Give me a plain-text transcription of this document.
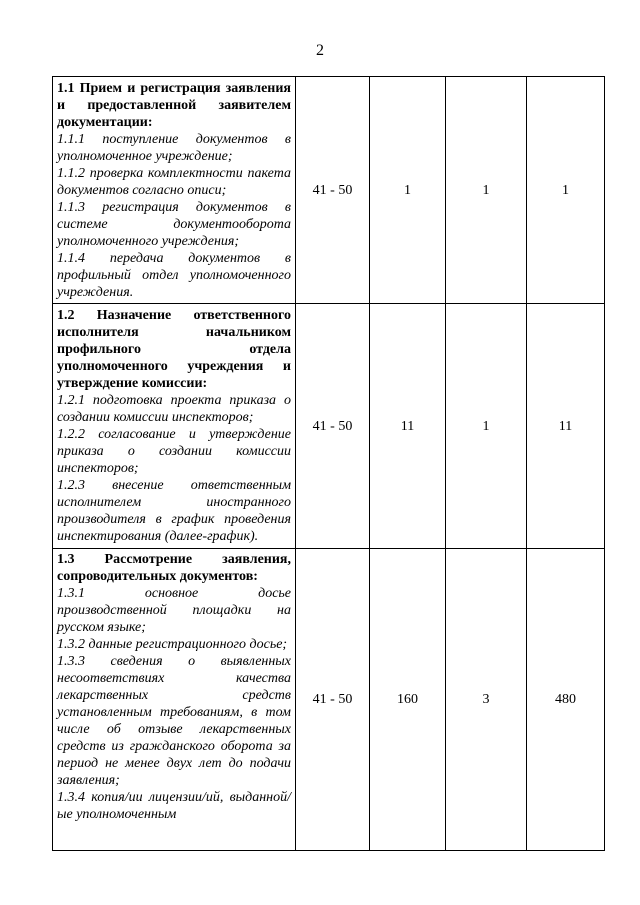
2
1.1 Прием и регистрация заявления и предоставленной заявителем документации:
1.1.1 поступление документов в уполномоченное учреждение;
1.1.2 проверка комплектности пакета документов согласно описи;
1.1.3 регистрация документов в системе документооборота уполномоченного учреждения;
1.1.4 передача документов в профильный отдел уполномоченного учреждения.	41 - 50	1	1	1

1.2 Назначение ответственного исполнителя начальником профильного отдела уполномоченного учреждения и утверждение комиссии:
1.2.1 подготовка проекта приказа о создании комиссии инспекторов;
1.2.2 согласование и утверждение приказа о создании комиссии инспекторов;
1.2.3 внесение ответственным исполнителем иностранного производителя в график проведения инспектирования (далее-график).	41 - 50	11	1	11

1.3 Рассмотрение заявления, сопроводительных документов:
1.3.1 основное досье производственной площадки на русском языке;
1.3.2 данные регистрационного досье;
1.3.3 сведения о выявленных несоответствиях качества лекарственных средств установленным требованиям, в том числе об отзыве лекарственных средств из гражданского оборота за период не менее двух лет до подачи заявления;
1.3.4 копия/ии лицензии/ий, выданной/ые уполномоченным	41 - 50	160	3	480
